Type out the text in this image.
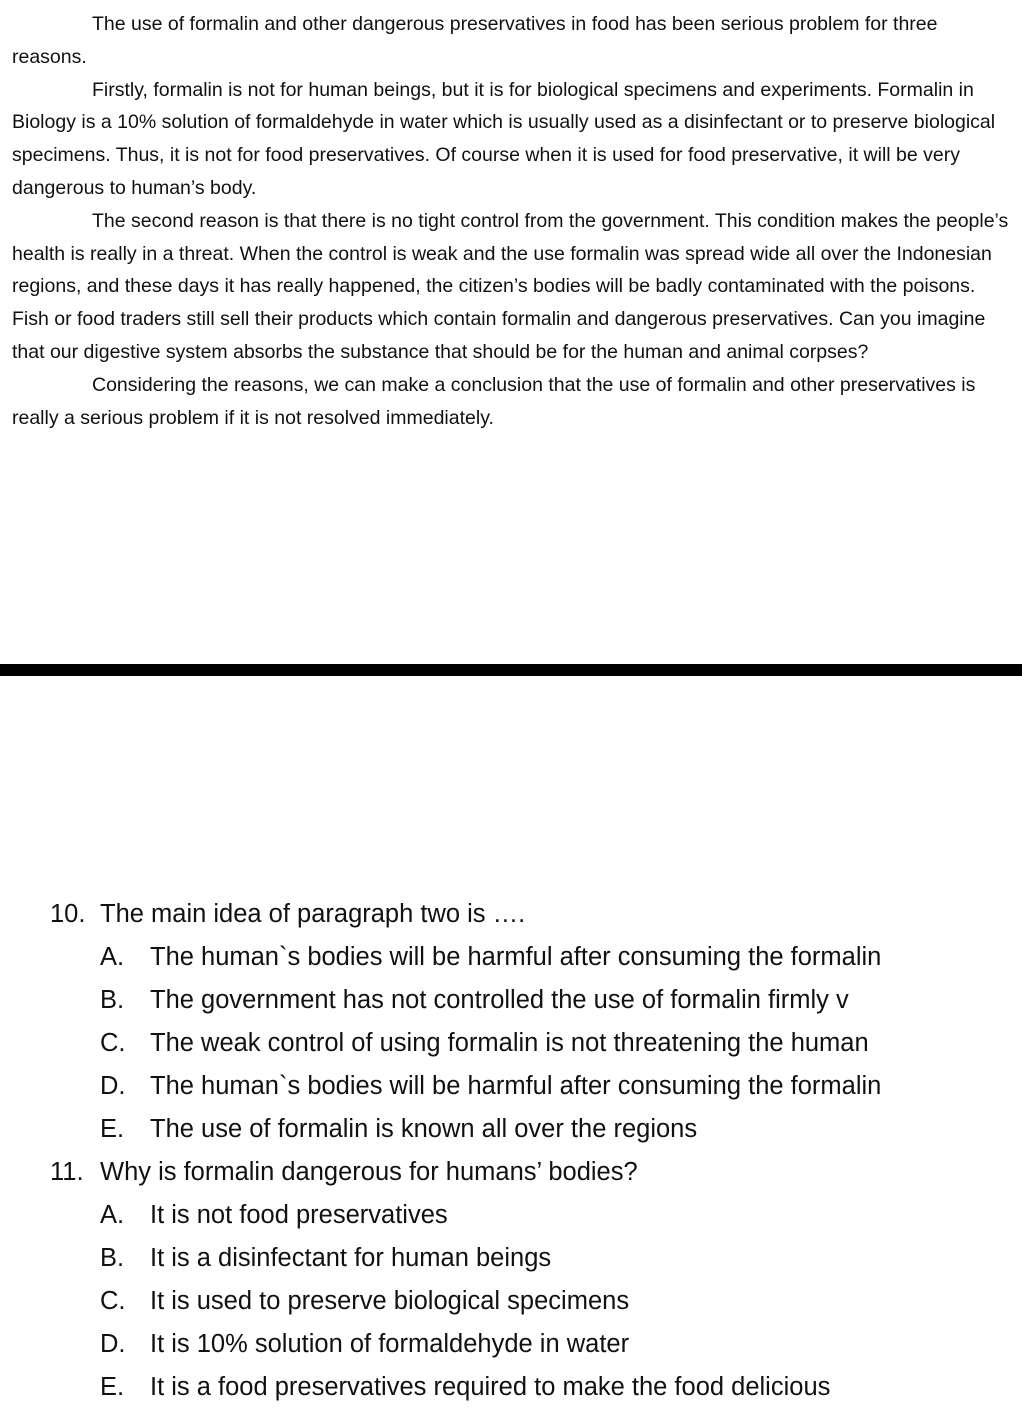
The use of formalin and other dangerous preservatives in food has been serious problem for three reasons.

Firstly, formalin is not for human beings, but it is for biological specimens and experiments. Formalin in Biology is a 10% solution of formaldehyde in water which is usually used as a disinfectant or to preserve biological specimens. Thus, it is not for food preservatives. Of course when it is used for food preservative, it will be very dangerous to human’s body.

The second reason is that there is no tight control from the government. This condition makes the people’s health is really in a threat. When the control is weak and the use formalin was spread wide all over the Indonesian regions, and these days it has really happened, the citizen’s bodies will be badly contaminated with the poisons. Fish or food traders still sell their products which contain formalin and dangerous preservatives. Can you imagine that our digestive system absorbs the substance that should be for the human and animal corpses?

Considering the reasons, we can make a conclusion that the use of formalin and other preservatives is really a serious problem if it is not resolved immediately.

10. The main idea of paragraph two is ….
A.	The human`s bodies will be harmful after consuming the formalin
B.	The government has not controlled the use of formalin firmly v
C. The weak control of using formalin is not threatening the human
D. The human`s bodies will be harmful after consuming the formalin
E.	The use of formalin is known all over the regions
11. Why is formalin dangerous for humans’ bodies?
A.	It is not food preservatives
B.	It is a disinfectant for human beings
C. It is used to preserve biological specimens
D. It is 10% solution of formaldehyde in water
E.	It is a food preservatives required to make the food delicious
